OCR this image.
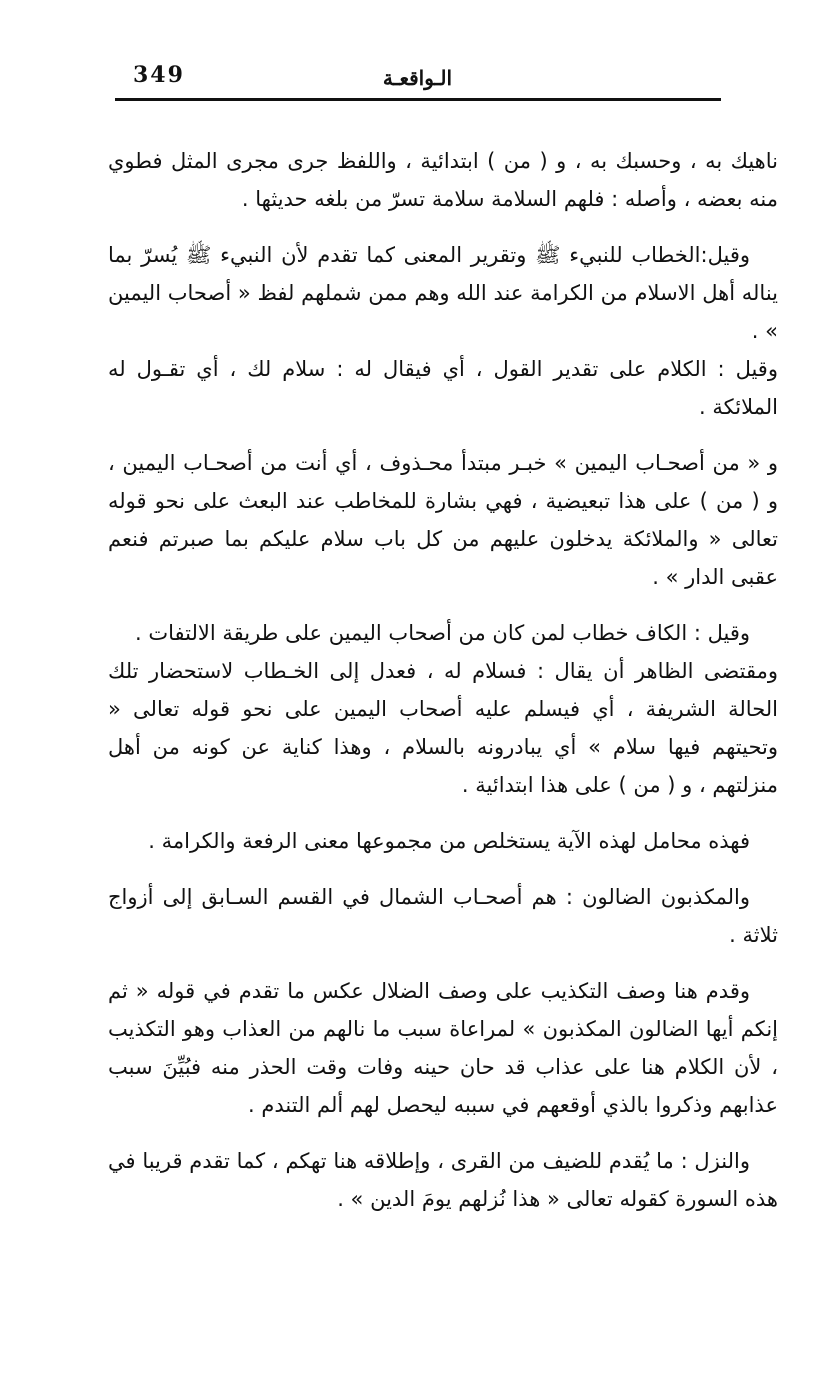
349	الـواقعـة

ناهيك به ، وحسبك به ، و ( من ) ابتدائية ، واللفظ جرى مجرى المثل فطوي منه بعضه ، وأصله : فلهم السلامة سلامة تسرّ من بلغه حديثها .

وقيل:الخطاب للنبيء ﷺ وتقرير المعنى كما تقدم لأن النبيء ﷺ يُسرّ بما يناله أهل الاسلام من الكرامة عند الله وهم ممن شملهم لفظ « أصحاب اليمين » .

وقيل : الكلام على تقدير القول ، أي فيقال له : سلام لك ، أي تقـول له الملائكة .

و « من أصحـاب اليمين » خبـر مبتدأ محـذوف ، أي أنت من أصحـاب اليمين ، و ( من ) على هذا تبعيضية ، فهي بشارة للمخاطب عند البعث على نحو قوله تعالى « والملائكة يدخلون عليهم من كل باب سلام عليكم بما صبرتم فنعم عقبى الدار » .

وقيل : الكاف خطاب لمن كان من أصحاب اليمين على طريقة الالتفات .

ومقتضى الظاهر أن يقال : فسلام له ، فعدل إلى الخـطاب لاستحضار تلك الحالة الشريفة ، أي فيسلم عليه أصحاب اليمين على نحو قوله تعالى « وتحيتهم فيها سلام » أي يبادرونه بالسلام ، وهذا كناية عن كونه من أهل منزلتهم ، و ( من ) على هذا ابتدائية .

فهذه محامل لهذه الآية يستخلص من مجموعها معنى الرفعة والكرامة .

والمكذبون الضالون : هم أصحـاب الشمال في القسم السـابق إلى أزواج ثلاثة .

وقدم هنا وصف التكذيب على وصف الضلال عكس ما تقدم في قوله « ثم إنكم أيها الضالون المكذبون » لمراعاة سبب ما نالهم من العذاب وهو التكذيب ، لأن الكلام هنا على عذاب قد حان حينه وفات وقت الحذر منه فبُيِّنَ سبب عذابهم وذكروا بالذي أوقعهم في سببه ليحصل لهم ألم التندم .

والنزل : ما يُقدم للضيف من القرى ، وإطلاقه هنا تهكم ، كما تقدم قريبا في هذه السورة كقوله تعالى « هذا نُزلهم يومَ الدين » .
